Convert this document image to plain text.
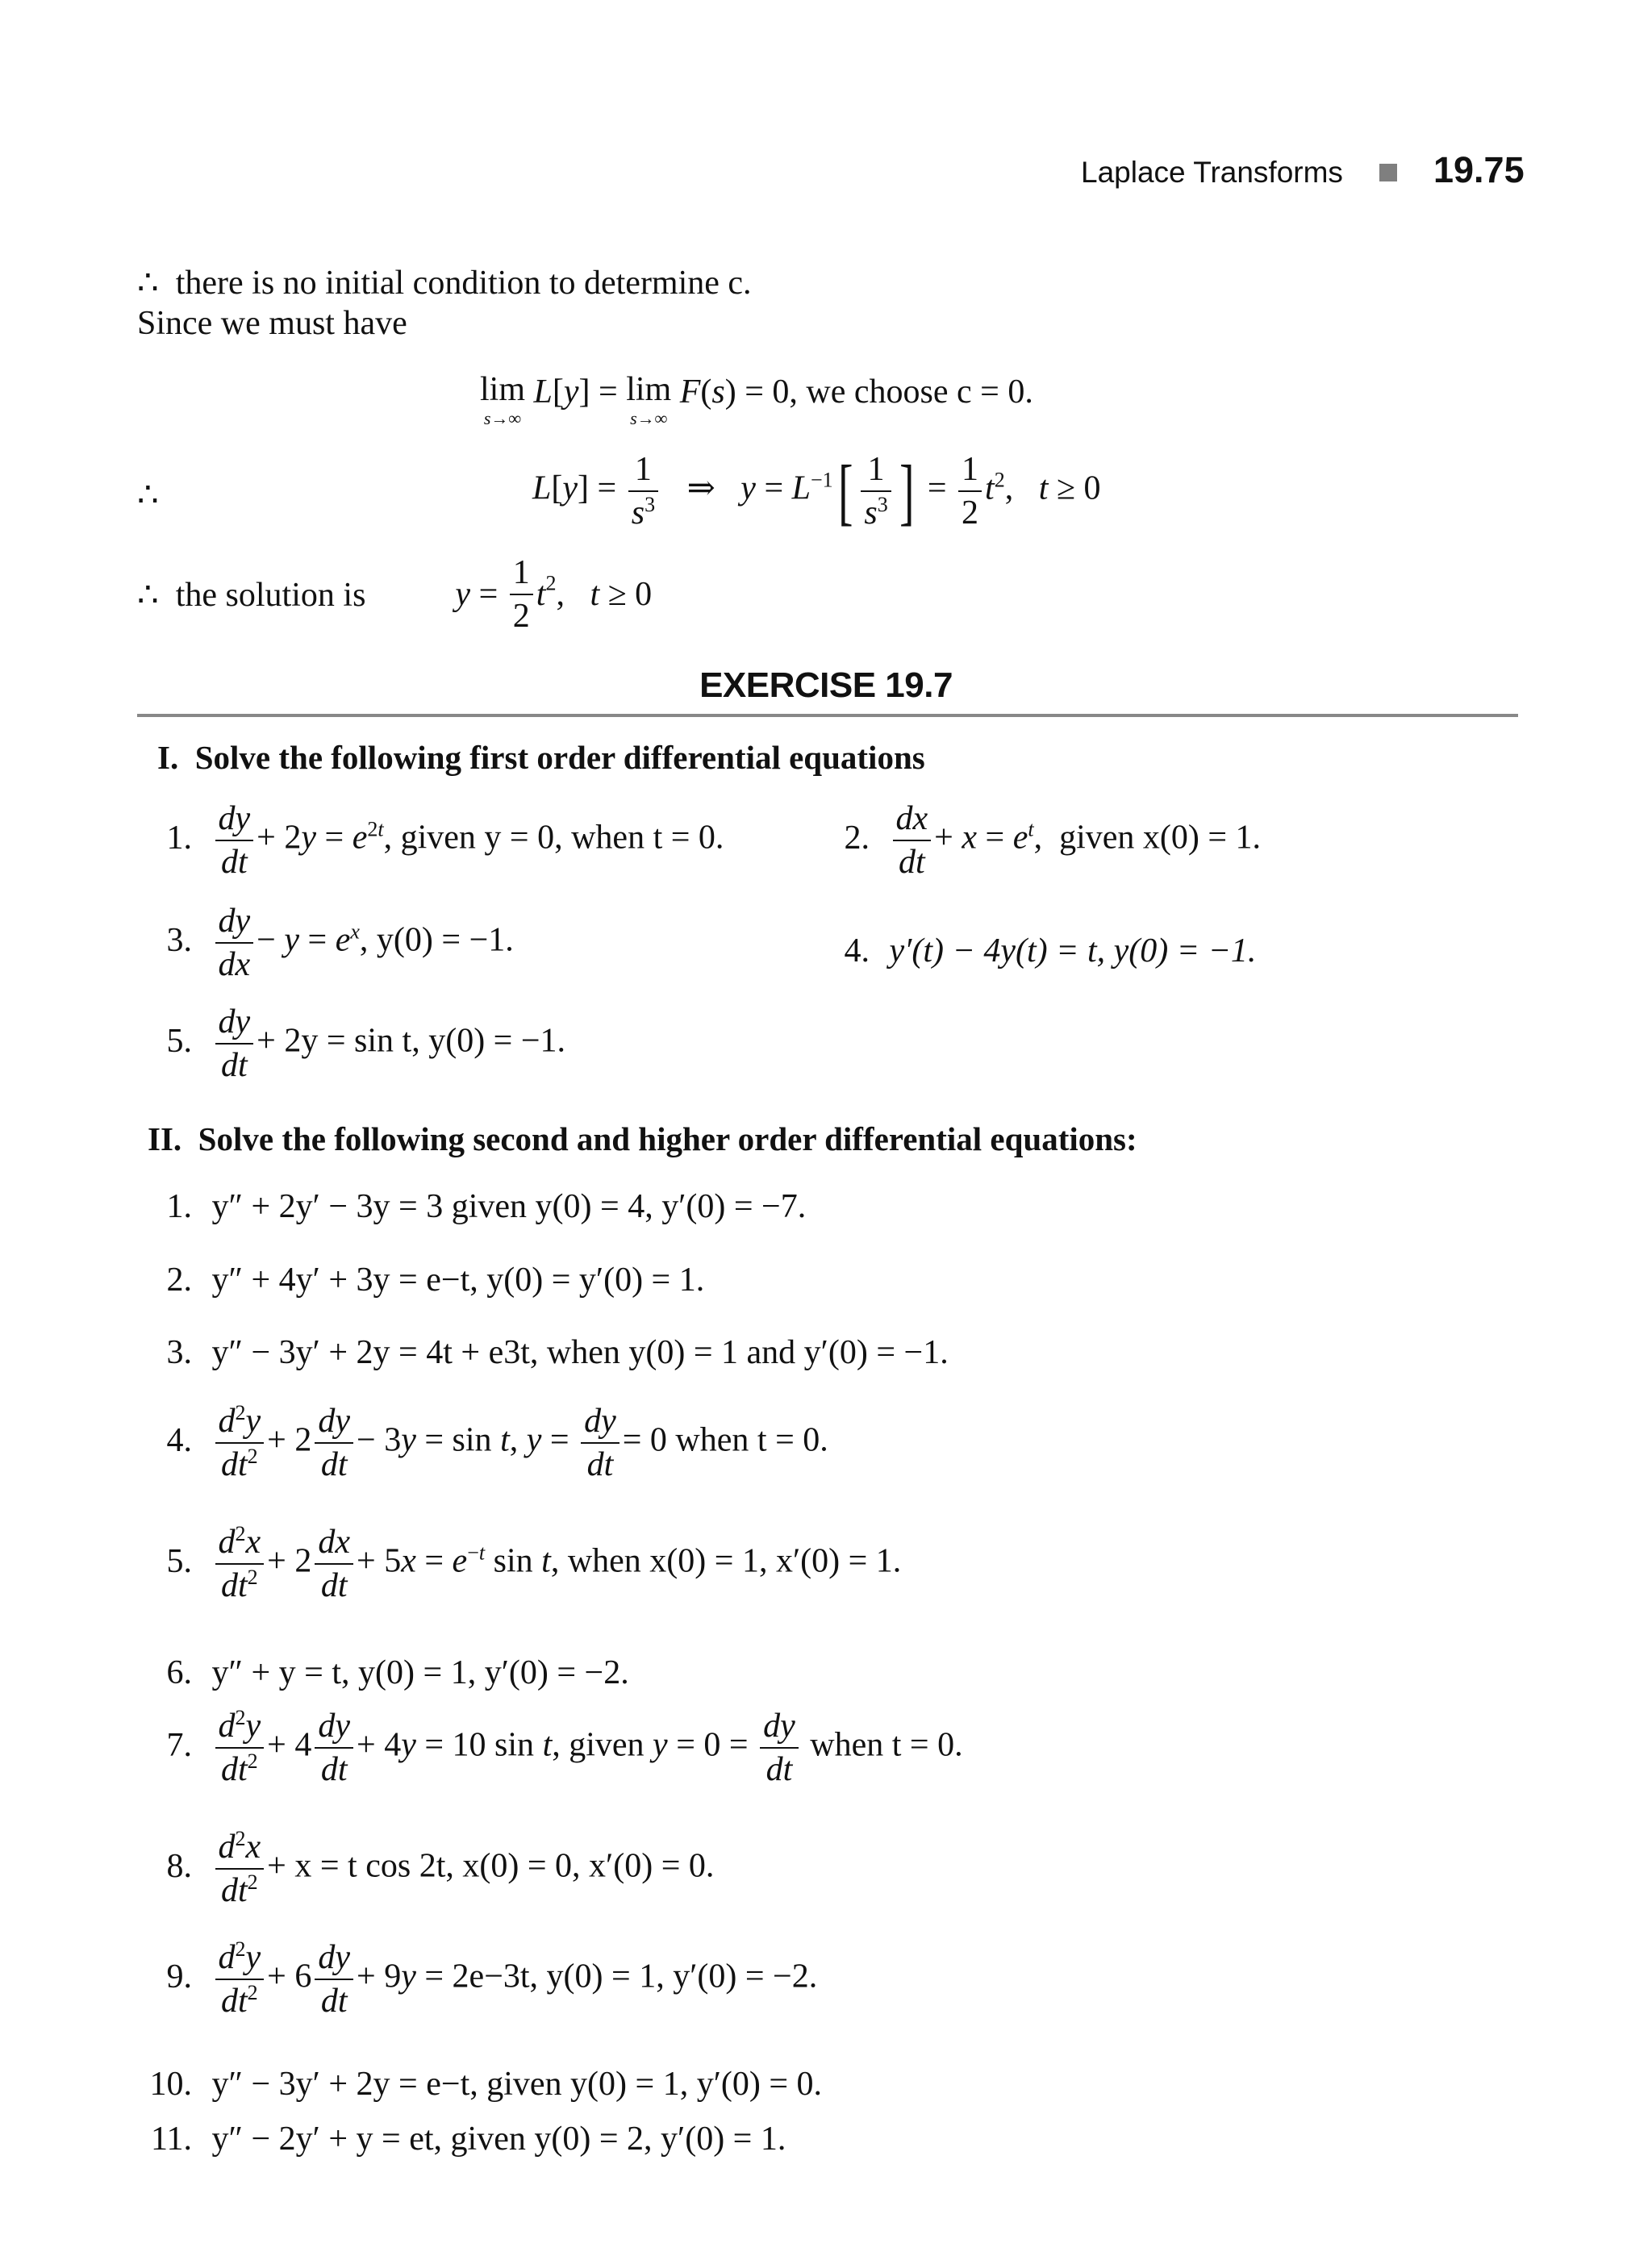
Laplace Transforms 19.75
∴ there is no initial condition to determine c.
Since we must have
lim
s→∞
L[y] = lim
s→∞
F(s) = 0, we choose c = 0.
∴	$L[y] = \frac{1}{s^3}$ ⇒   $y = L^{-1}[ \frac{1}{s^3}$ ] = $\frac{1}{2} t^2$,   t ≥ 0
∴  the solution is	$y = \frac{1}{2} t^2$,   t ≥ 0
EXERCISE 19.7
I. Solve the following first order differential equations
1. $\frac{dy}{dt} + 2y = e^{2t}$, given y = 0, when t = 0.	2. $\frac{dx}{dt} + x = e^t$,  given x(0) = 1.
3. $\frac{dy}{dx} - y = e^x$, y(0) = −1.	4. y′(t) − 4y(t) = t, y(0) = −1.
5. $\frac{dy}{dt} + 2y = \sin t$, y(0) = −1.
II. Solve the following second and higher order differential equations:
1. y″ + 2y′ − 3y = 3 given y(0) = 4, y′(0) = −7.
2. y″ + 4y′ + 3y = e−t, y(0) = y′(0) = 1.
3. y″ − 3y′ + 2y = 4t + e3t, when y(0) = 1 and y′(0) = −1.
4. $\frac{d^2y}{dt^2} + 2 \frac{dy}{dt} - 3y = \sin t$, $y = \frac{dy}{dt} = 0$ when t = 0.
5. $\frac{d^2x}{dt^2} + 2 \frac{dx}{dt} + 5x = e^{-t}$ sin t, when x(0) = 1, x′(0) = 1.
6. y″ + y = t, y(0) = 1, y′(0) = −2.
7. $\frac{d^2y}{dt^2} + 4 \frac{dy}{dt} + 4y = 10$ sin t, given $y = 0 = \frac{dy}{dt}$ when t = 0.
8. $\frac{d^2x}{dt^2} + x = t$ cos 2t, x(0) = 0, x′(0) = 0.
9. $\frac{d^2y}{dt^2} + 6 \frac{dy}{dt} + 9y = 2e-3t$, y(0) = 1, y′(0) = −2.
10. y″ − 3y′ + 2y = e−t, given y(0) = 1, y′(0) = 0.
11. y″ − 2y′ + y = et, given y(0) = 2, y′(0) = 1.
